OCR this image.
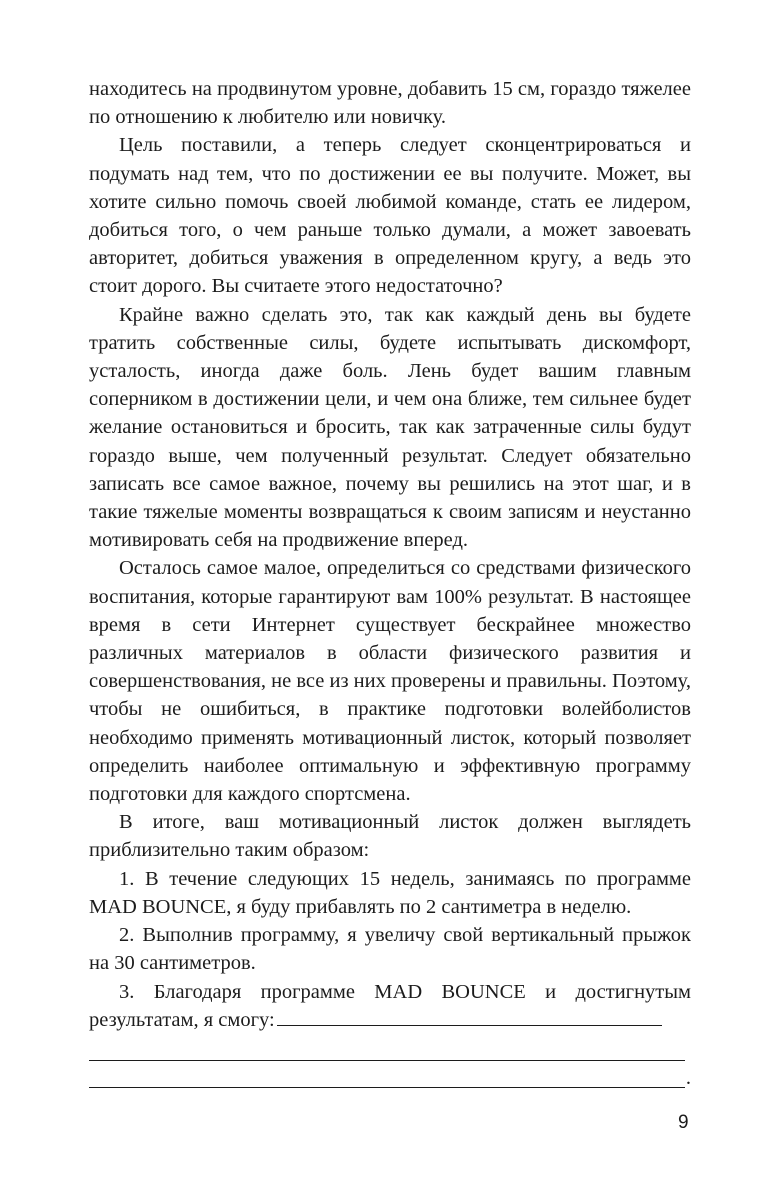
находитесь на продвинутом уровне, добавить 15 см, гораздо тяжелее по отношению к любителю или новичку.

Цель поставили, а теперь следует сконцентрироваться и подумать над тем, что по достижении ее вы получите. Может, вы хотите сильно помочь своей любимой команде, стать ее лидером, добиться того, о чем раньше только думали, а может завоевать авторитет, добиться уважения в определенном кругу, а ведь это стоит дорого. Вы считаете этого недостаточно?

Крайне важно сделать это, так как каждый день вы будете тратить собственные силы, будете испытывать дискомфорт, усталость, иногда даже боль. Лень будет вашим главным соперником в достижении цели, и чем она ближе, тем сильнее будет желание остановиться и бросить, так как затраченные силы будут гораздо выше, чем полученный результат. Следует обязательно записать все самое важное, почему вы решились на этот шаг, и в такие тяжелые моменты возвращаться к своим записям и неустанно мотивировать себя на продвижение вперед.

Осталось самое малое, определиться со средствами физического воспитания, которые гарантируют вам 100% результат. В настоящее время в сети Интернет существует бескрайнее множество различных материалов в области физического развития и совершенствования, не все из них проверены и правильны. Поэтому, чтобы не ошибиться, в практике подготовки волейболистов необходимо применять мотивационный листок, который позволяет определить наиболее оптимальную и эффективную программу подготовки для каждого спортсмена.

В итоге, ваш мотивационный листок должен выглядеть приблизительно таким образом:

1. В течение следующих 15 недель, занимаясь по программе MAD BOUNCE, я буду прибавлять по 2 сантиметра в неделю.

2. Выполнив программу, я увеличу свой вертикальный прыжок на 30 сантиметров.

3. Благодаря программе MAD BOUNCE и достигнутым результатам, я смогу:

.
9
